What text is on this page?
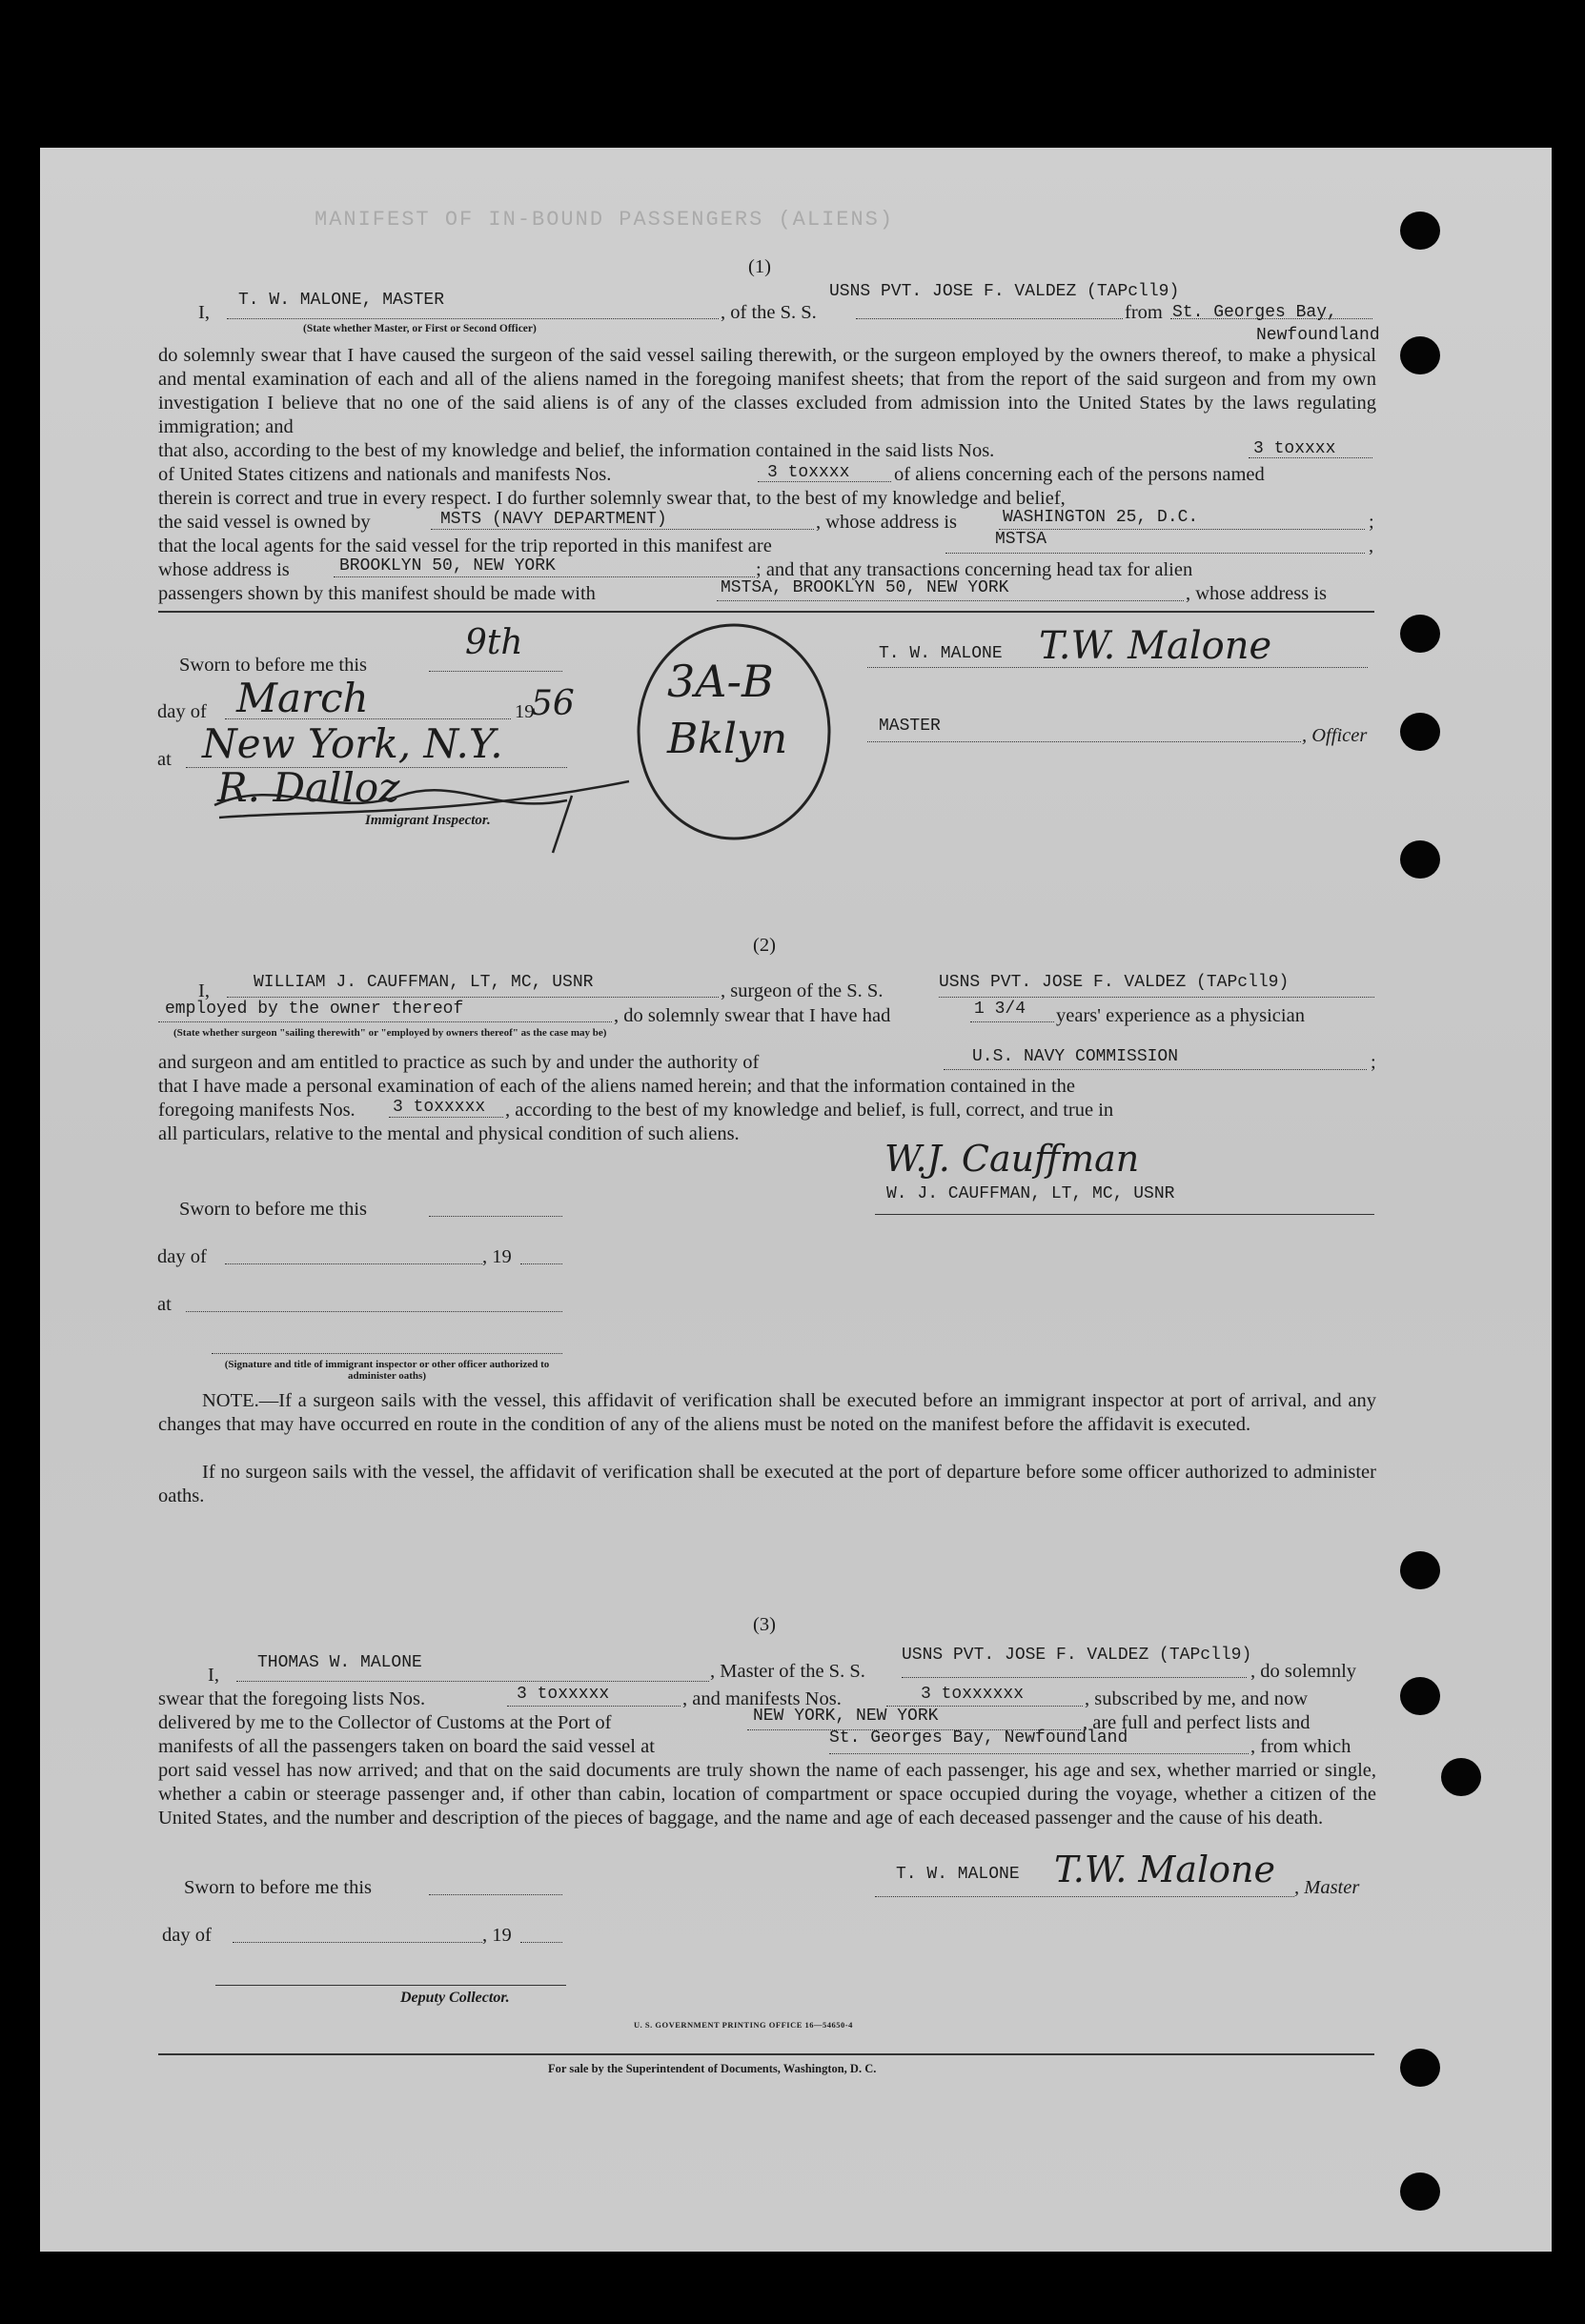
MANIFEST OF IN-BOUND PASSENGERS (ALIENS)
(1)
I,
T. W. MALONE, MASTER
(State whether Master, or First or Second Officer)
, of the S. S.
USNS PVT. JOSE F. VALDEZ (TAPcll9)
from St. Georges Bay,
Newfoundland

do solemnly swear that I have caused the surgeon of the said vessel sailing therewith, or the surgeon employed by the owners thereof, to make a physical and mental examination of each and all of the aliens named in the foregoing manifest sheets; that from the report of the said surgeon and from my own investigation I believe that no one of the said aliens is of any of the classes excluded from admission into the United States by the laws regulating immigration; and

that also, according to the best of my knowledge and belief, the information contained in the said lists Nos.	3 toxxxx
of United States citizens and nationals and manifests Nos.	3 toxxxx of aliens concerning each of the persons named
therein is correct and true in every respect. I do further solemnly swear that, to the best of my knowledge and belief,
the said vessel is owned by	MSTS (NAVY DEPARTMENT)	, whose address is	WASHINGTON 25, D.C.	;
that the local agents for the said vessel for the trip reported in this manifest are	MSTSA	,
whose address is	BROOKLYN 50, NEW YORK	; and that any transactions concerning head tax for alien
passengers shown by this manifest should be made with	MSTSA, BROOKLYN 50, NEW YORK	, whose address is
Sworn to before me this
9th
day of March	19
56
at New York, N.Y.
R. Dalloz
Immigrant Inspector.
3A-B
Bklyn
T. W. MALONE T.W. Malone
MASTER	, Officer
(2)
I,	WILLIAM J. CAUFFMAN, LT, MC, USNR	, surgeon of the S. S.	USNS PVT. JOSE F. VALDEZ (TAPcll9)
employed by the owner thereof	, do solemnly swear that I have had	1 3/4 years' experience as a physician
(State whether surgeon "sailing therewith" or "employed by owners thereof" as the case may be)
and surgeon and am entitled to practice as such by and under the authority of	U.S. NAVY COMMISSION	;
that I have made a personal examination of each of the aliens named herein; and that the information contained in the
foregoing manifests Nos. 3 toxxxxx , according to the best of my knowledge and belief, is full, correct, and true in
all particulars, relative to the mental and physical condition of such aliens.
W.J. Cauffman
W. J. CAUFFMAN, LT, MC, USNR
Sworn to before me this
day of	, 19
at
(Signature and title of immigrant inspector or other officer authorized to administer oaths)

NOTE.—If a surgeon sails with the vessel, this affidavit of verification shall be executed before an immigrant inspector at port of arrival, and any changes that may have occurred en route in the condition of any of the aliens must be noted on the manifest before the affidavit is executed.

If no surgeon sails with the vessel, the affidavit of verification shall be executed at the port of departure before some officer authorized to administer oaths.

(3)
I,
THOMAS W. MALONE	, Master of the S. S.
USNS PVT. JOSE F. VALDEZ (TAPcll9)
, do solemnly
swear that the foregoing lists Nos.	3 toxxxxx	, and manifests Nos.	3 toxxxxxx	, subscribed by me, and now
delivered by me to the Collector of Customs at the Port of	NEW YORK, NEW YORK	, are full and perfect lists and
manifests of all the passengers taken on board the said vessel at	St. Georges Bay, Newfoundland	, from which

port said vessel has now arrived; and that on the said documents are truly shown the name of each passenger, his age and sex, whether married or single, whether a cabin or steerage passenger and, if other than cabin, location of compartment or space occupied during the voyage, whether a citizen of the United States, and the number and description of the pieces of baggage, and the name and age of each deceased passenger and the cause of his death.

Sworn to before me this
T. W. MALONE T.W. Malone , Master
day of	, 19
Deputy Collector.
U. S. GOVERNMENT PRINTING OFFICE 16—54650-4
For sale by the Superintendent of Documents, Washington, D. C.
